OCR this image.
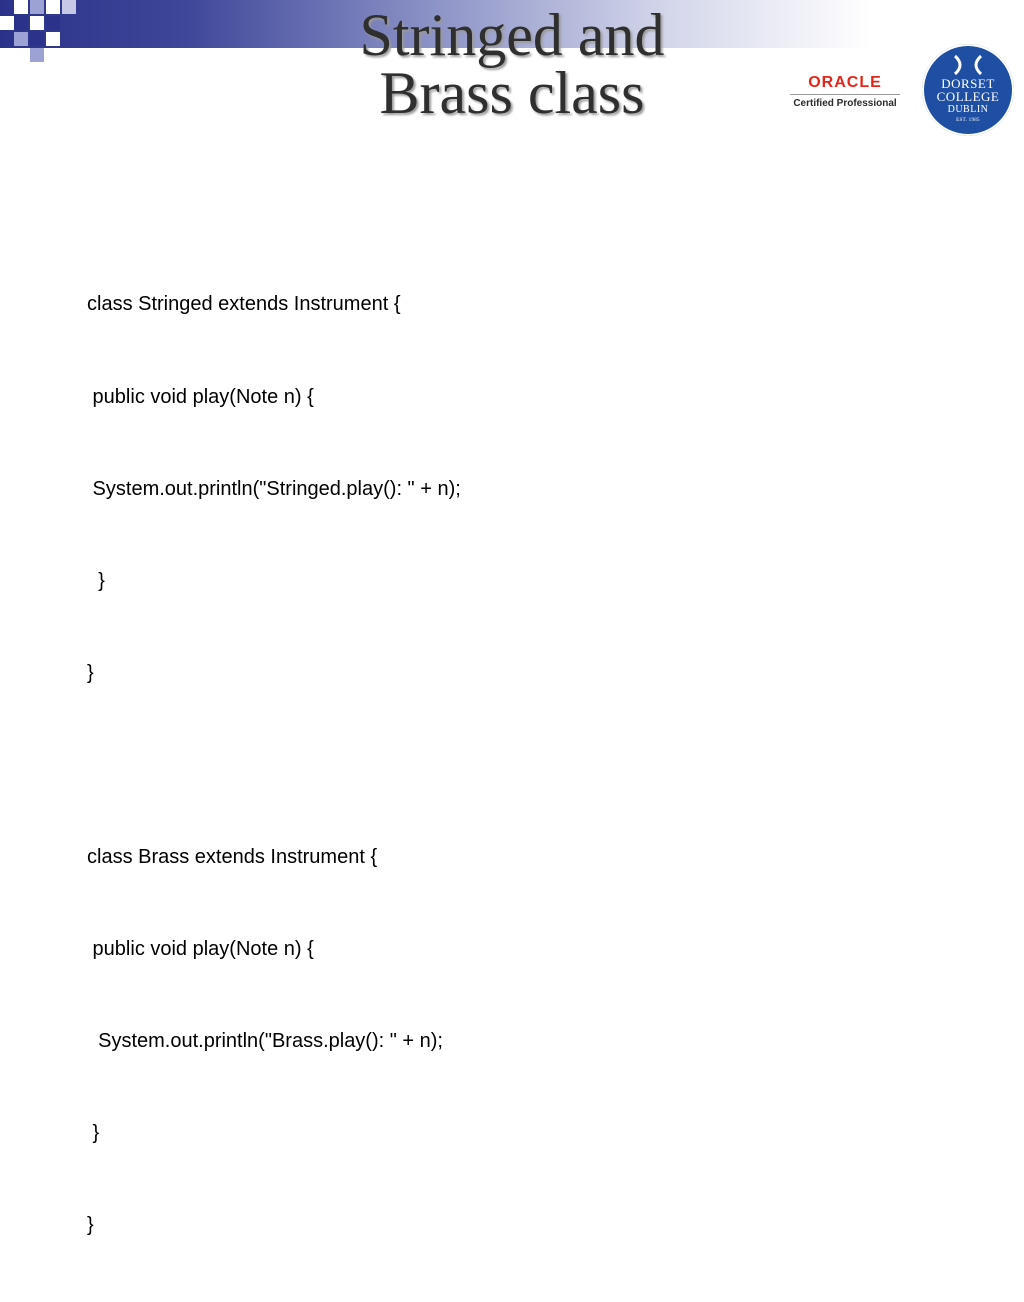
Stringed and
Brass class	ORACLE
Certified Professional
DORSET
COLLEGE
DUBLIN
EST. 1985

class Stringed extends Instrument {

public void play(Note n) {

System.out.println("Stringed.play(): " + n);

}

}

class Brass extends Instrument {

public void play(Note n) {

System.out.println("Brass.play(): " + n);

}

}
